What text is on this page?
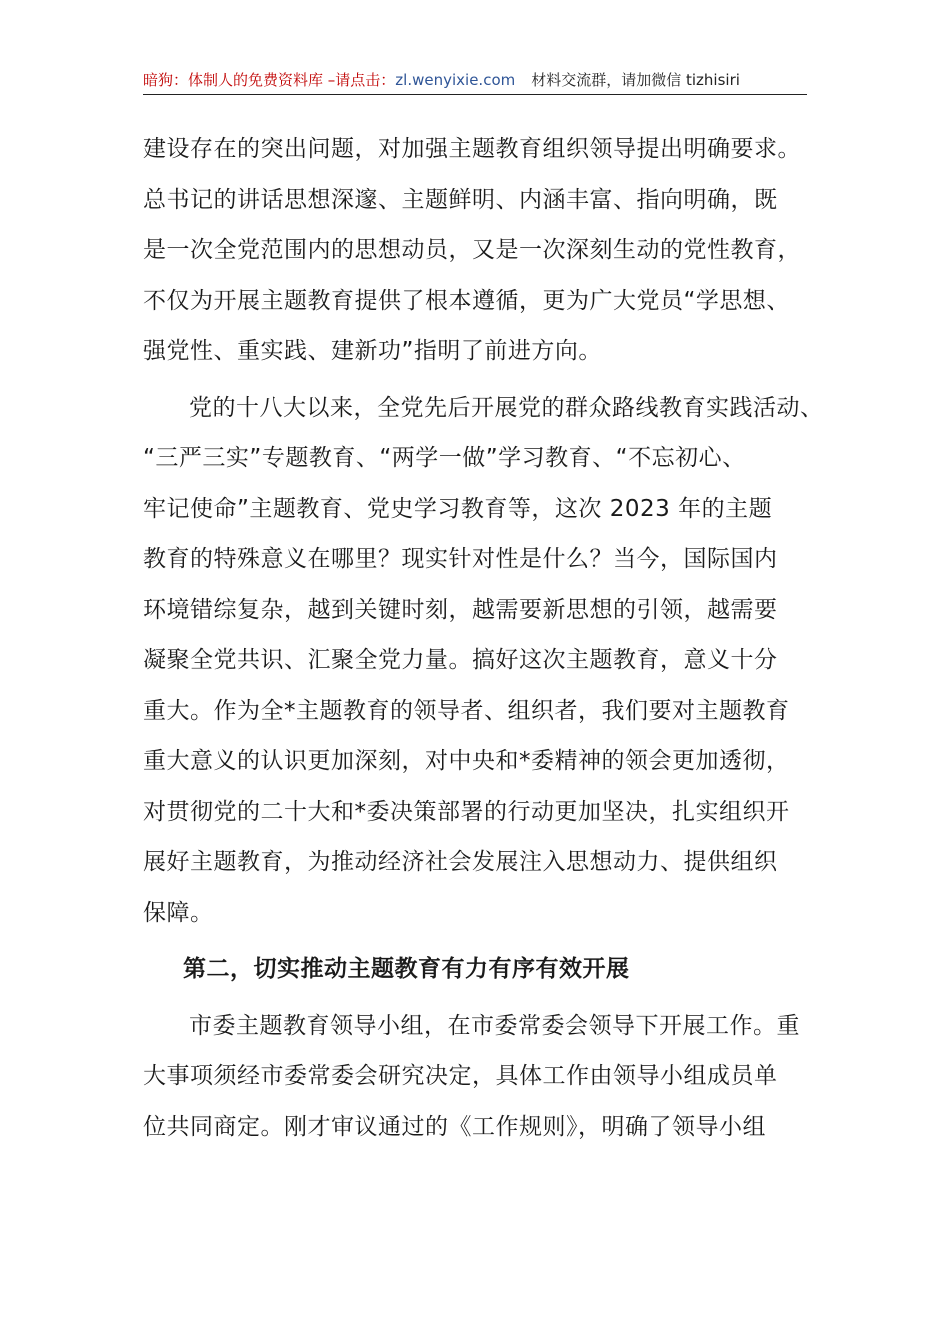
暗狗：体制人的免费资料库 –请点击：zl.wenyixie.com 材料交流群，请加微信 tizhisiri
建设存在的突出问题，对加强主题教育组织领导提出明确要求。
总书记的讲话思想深邃、主题鲜明、内涵丰富、指向明确，既
是一次全党范围内的思想动员，又是一次深刻生动的党性教育，
不仅为开展主题教育提供了根本遵循，更为广大党员“学思想、
强党性、重实践、建新功”指明了前进方向。
党的十八大以来，全党先后开展党的群众路线教育实践活动、
“三严三实”专题教育、“两学一做”学习教育、“不忘初心、
牢记使命”主题教育、党史学习教育等，这次 2023 年的主题
教育的特殊意义在哪里？现实针对性是什么？当今，国际国内
环境错综复杂，越到关键时刻，越需要新思想的引领，越需要
凝聚全党共识、汇聚全党力量。搞好这次主题教育，意义十分
重大。作为全*主题教育的领导者、组织者，我们要对主题教育
重大意义的认识更加深刻，对中央和*委精神的领会更加透彻，
对贯彻党的二十大和*委决策部署的行动更加坚决，扎实组织开
展好主题教育，为推动经济社会发展注入思想动力、提供组织
保障。
第二，切实推动主题教育有力有序有效开展
市委主题教育领导小组，在市委常委会领导下开展工作。重
大事项须经市委常委会研究决定，具体工作由领导小组成员单
位共同商定。刚才审议通过的《工作规则》，明确了领导小组
